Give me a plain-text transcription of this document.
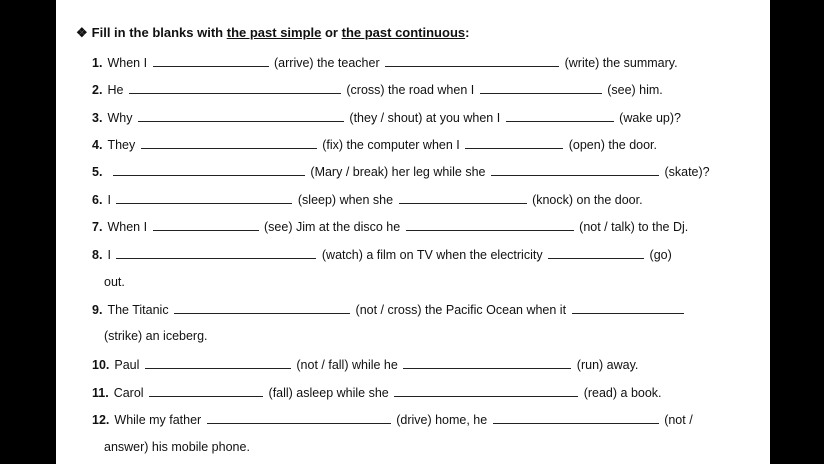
❖ Fill in the blanks with the past simple or the past continuous:
1. When I	(arrive) the teacher	(write) the summary.
2. He	(cross) the road when I	(see) him.
3. Why	(they / shout) at you when I	(wake up)?
4. They	(fix) the computer when I	(open) the door.
5.	(Mary / break) her leg while she	(skate)?
6. I	(sleep) when she	(knock) on the door.
7. When I	(see) Jim at the disco he	(not / talk) to the Dj.
8. I	(watch) a film on TV when the electricity	(go)
out.
9. The Titanic	(not / cross) the Pacific Ocean when it
(strike) an iceberg.
10. Paul	(not / fall) while he	(run) away.
11. Carol	(fall) asleep while she	(read) a book.
12. While my father	(drive) home, he	(not /
answer) his mobile phone.
